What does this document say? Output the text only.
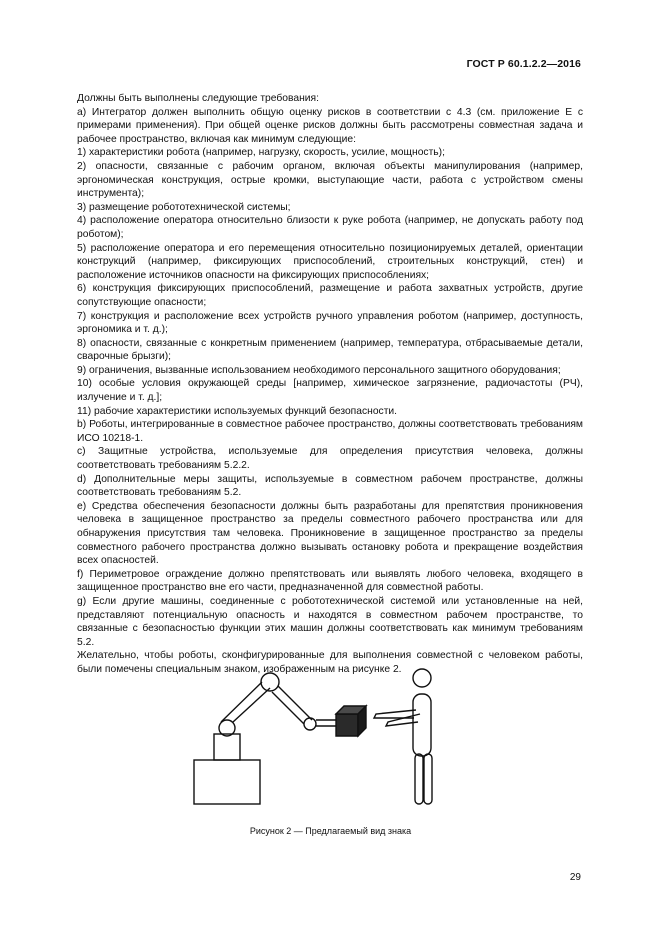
ГОСТ Р 60.1.2.2—2016

Должны быть выполнены следующие требования:

a) Интегратор должен выполнить общую оценку рисков в соответствии с 4.3 (см. приложение Е с примерами применения). При общей оценке рисков должны быть рассмотрены совместная задача и рабочее пространство, включая как минимум следующие:

1) характеристики робота (например, нагрузку, скорость, усилие, мощность);

2) опасности, связанные с рабочим органом, включая объекты манипулирования (например, эргономическая конструкция, острые кромки, выступающие части, работа с устройством смены инструмента);

3) размещение робототехнической системы;

4) расположение оператора относительно близости к руке робота (например, не допускать работу под роботом);

5) расположение оператора и его перемещения относительно позиционируемых деталей, ориентации конструкций (например, фиксирующих приспособлений, строительных конструкций, стен) и расположение источников опасности на фиксирующих приспособлениях;

6) конструкция фиксирующих приспособлений, размещение и работа захватных устройств, другие сопутствующие опасности;

7) конструкция и расположение всех устройств ручного управления роботом (например, доступность, эргономика и т. д.);

8) опасности, связанные с конкретным применением (например, температура, отбрасываемые детали, сварочные брызги);

9) ограничения, вызванные использованием необходимого персонального защитного оборудования;

10) особые условия окружающей среды [например, химическое загрязнение, радиочастоты (РЧ), излучение и т. д.];

11) рабочие характеристики используемых функций безопасности.

b) Роботы, интегрированные в совместное рабочее пространство, должны соответствовать требованиям ИСО 10218-1.

c) Защитные устройства, используемые для определения присутствия человека, должны соответствовать требованиям 5.2.2.

d) Дополнительные меры защиты, используемые в совместном рабочем пространстве, должны соответствовать требованиям 5.2.

e) Средства обеспечения безопасности должны быть разработаны для препятствия проникновения человека в защищенное пространство за пределы совместного рабочего пространства или для обнаружения присутствия там человека. Проникновение в защищенное пространство за пределы совместного рабочего пространства должно вызывать остановку робота и прекращение воздействия всех опасностей.

f) Периметровое ограждение должно препятствовать или выявлять любого человека, входящего в защищенное пространство вне его части, предназначенной для совместной работы.

g) Если другие машины, соединенные с робототехнической системой или установленные на ней, представляют потенциальную опасность и находятся в совместном рабочем пространстве, то связанные с безопасностью функции этих машин должны соответствовать как минимум требованиям 5.2.

Желательно, чтобы роботы, сконфигурированные для выполнения совместной с человеком работы, были помечены специальным знаком, изображенным на рисунке 2.

Рисунок 2 — Предлагаемый вид знака
29
